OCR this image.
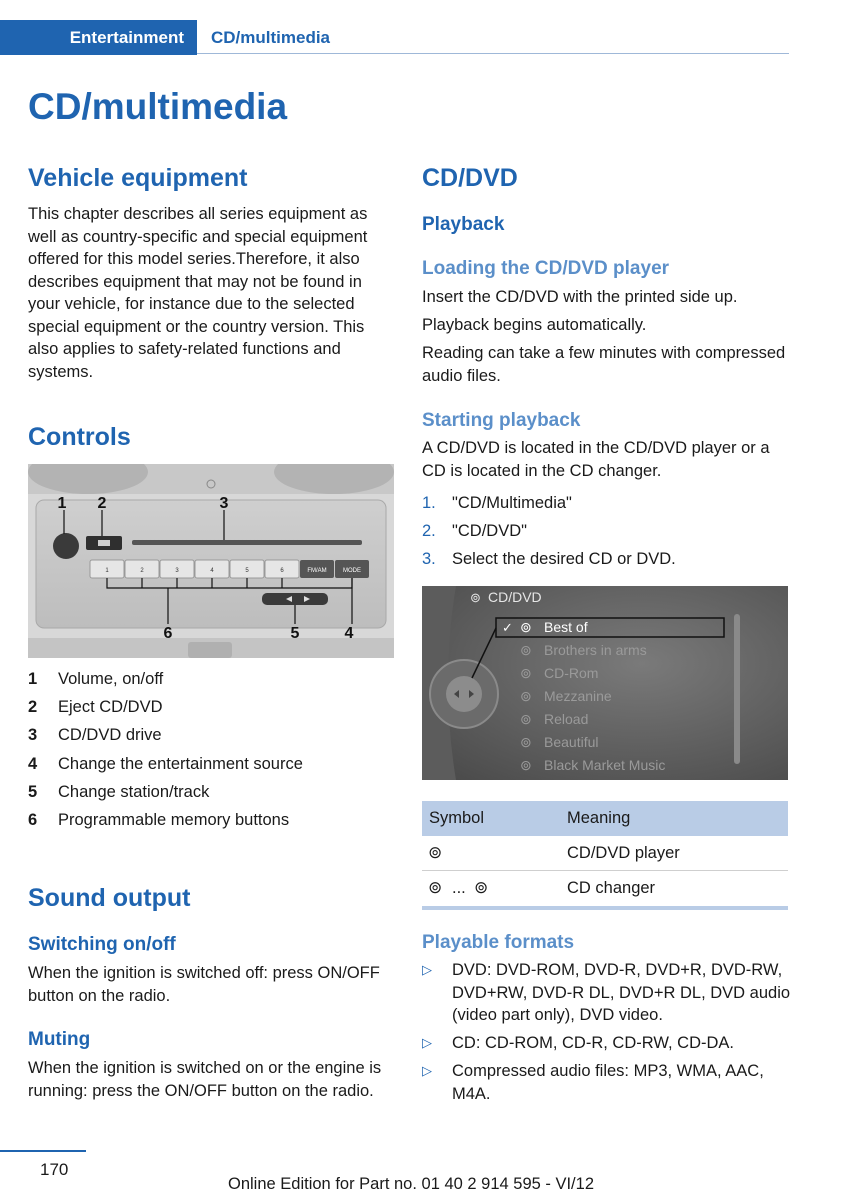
Entertainment CD/multimedia
CD/multimedia
Vehicle equipment
This chapter describes all series equipment as well as country-specific and special equipment offered for this model series.Therefore, it also describes equipment that may not be found in your vehicle, for instance due to the selected special equipment or the country version. This also applies to safety-related functions and systems.
Controls
1	2	3	4	5	6	FM/AM	MODE
1 2	3
6	5	4
1 Volume, on/off
2 Eject CD/DVD
3 CD/DVD drive
4 Change the entertainment source
5 Change station/track
6 Programmable memory buttons
Sound output
Switching on/off
When the ignition is switched off: press ON/OFF button on the radio.
Muting
When the ignition is switched on or the engine is running: press the ON/OFF button on the radio.
CD/DVD
Playback
Loading the CD/DVD player
Insert the CD/DVD with the printed side up.
Playback begins automatically.
Reading can take a few minutes with compressed audio files.
Starting playback
A CD/DVD is located in the CD/DVD player or a CD is located in the CD changer.
1. "CD/Multimedia"
2. "CD/DVD"
3. Select the desired CD or DVD.
⊚ CD/DVD
✓ ⊚ Best of
⊚ Brothers in arms
⊚ CD-Rom
⊚ Mezzanine
⊚ Reload
⊚ Beautiful
⊚ Black Market Music
Symbol	Meaning
⊚	CD/DVD player
⊚ ... ⊚	CD changer
Playable formats
▷ DVD: DVD-ROM, DVD-R, DVD+R, DVD-RW, DVD+RW, DVD-R DL, DVD+R DL, DVD audio (video part only), DVD video.
▷ CD: CD-ROM, CD-R, CD-RW, CD-DA.
▷ Compressed audio files: MP3, WMA, AAC, M4A.
170
Online Edition for Part no. 01 40 2 914 595 - VI/12
